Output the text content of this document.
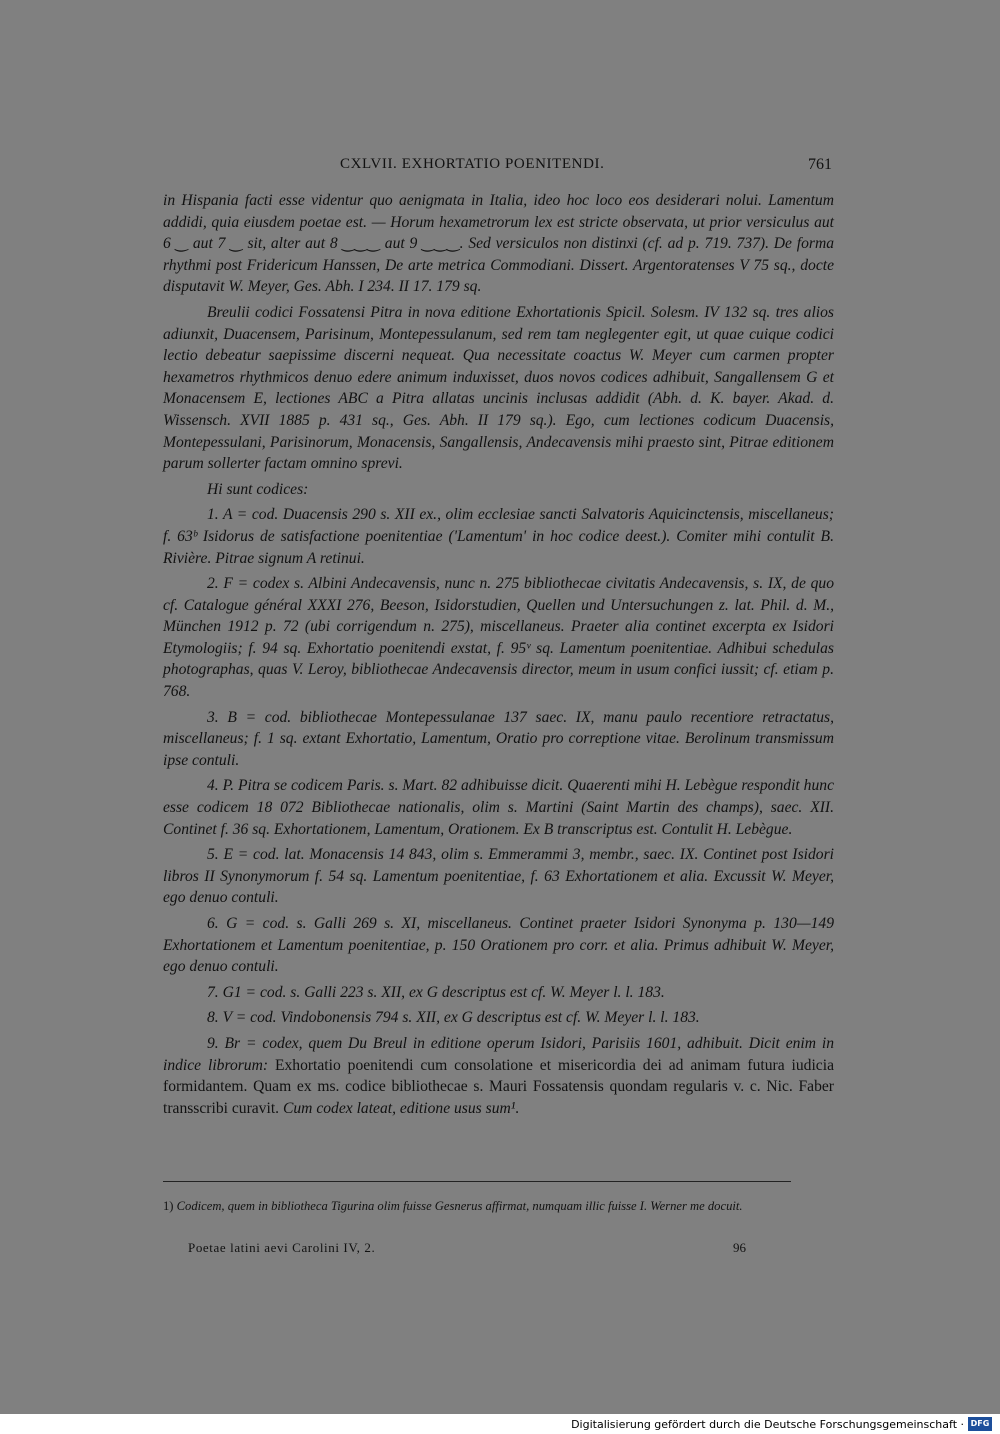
CXLVII. EXHORTATIO POENITENDI.	761

in Hispania facti esse videntur quo aenigmata in Italia, ideo hoc loco eos desiderari nolui. Lamentum addidi, quia eiusdem poetae est. — Horum hexametrorum lex est stricte observata, ut prior versiculus aut 6 ‿ aut 7 ‿ sit, alter aut 8 ‿‿‿ aut 9 ‿‿‿. Sed versiculos non distinxi (cf. ad p. 719. 737). De forma rhythmi post Fridericum Hanssen, De arte metrica Commodiani. Dissert. Argentoratenses V 75 sq., docte disputavit W. Meyer, Ges. Abh. I 234. II 17. 179 sq.

Breulii codici Fossatensi Pitra in nova editione Exhortationis Spicil. Solesm. IV 132 sq. tres alios adiunxit, Duacensem, Parisinum, Montepessulanum, sed rem tam neglegenter egit, ut quae cuique codici lectio debeatur saepissime discerni nequeat. Qua necessitate coactus W. Meyer cum carmen propter hexametros rhythmicos denuo edere animum induxisset, duos novos codices adhibuit, Sangallensem G et Monacensem E, lectiones ABC a Pitra allatas uncinis inclusas addidit (Abh. d. K. bayer. Akad. d. Wissensch. XVII 1885 p. 431 sq., Ges. Abh. II 179 sq.). Ego, cum lectiones codicum Duacensis, Montepessulani, Parisinorum, Monacensis, Sangallensis, Andecavensis mihi praesto sint, Pitrae editionem parum sollerter factam omnino sprevi.

Hi sunt codices:

1. A = cod. Duacensis 290 s. XII ex., olim ecclesiae sancti Salvatoris Aquicinctensis, miscellaneus; f. 63ᵇ Isidorus de satisfactione poenitentiae ('Lamentum' in hoc codice deest.). Comiter mihi contulit B. Rivière. Pitrae signum A retinui.

2. F = codex s. Albini Andecavensis, nunc n. 275 bibliothecae civitatis Andecavensis, s. IX, de quo cf. Catalogue général XXXI 276, Beeson, Isidorstudien, Quellen und Untersuchungen z. lat. Phil. d. M., München 1912 p. 72 (ubi corrigendum n. 275), miscellaneus. Praeter alia continet excerpta ex Isidori Etymologiis; f. 94 sq. Exhortatio poenitendi exstat, f. 95ᵛ sq. Lamentum poenitentiae. Adhibui schedulas photographas, quas V. Leroy, bibliothecae Andecavensis director, meum in usum confici iussit; cf. etiam p. 768.

3. B = cod. bibliothecae Montepessulanae 137 saec. IX, manu paulo recentiore retractatus, miscellaneus; f. 1 sq. extant Exhortatio, Lamentum, Oratio pro correptione vitae. Berolinum transmissum ipse contuli.

4. P. Pitra se codicem Paris. s. Mart. 82 adhibuisse dicit. Quaerenti mihi H. Lebègue respondit hunc esse codicem 18 072 Bibliothecae nationalis, olim s. Martini (Saint Martin des champs), saec. XII. Continet f. 36 sq. Exhortationem, Lamentum, Orationem. Ex B transcriptus est. Contulit H. Lebègue.

5. E = cod. lat. Monacensis 14 843, olim s. Emmerammi 3, membr., saec. IX. Continet post Isidori libros II Synonymorum f. 54 sq. Lamentum poenitentiae, f. 63 Exhortationem et alia. Excussit W. Meyer, ego denuo contuli.

6. G = cod. s. Galli 269 s. XI, miscellaneus. Continet praeter Isidori Synonyma p. 130—149 Exhortationem et Lamentum poenitentiae, p. 150 Orationem pro corr. et alia. Primus adhibuit W. Meyer, ego denuo contuli.

7. G1 = cod. s. Galli 223 s. XII, ex G descriptus est cf. W. Meyer l. l. 183.

8. V = cod. Vindobonensis 794 s. XII, ex G descriptus est cf. W. Meyer l. l. 183.

9. Br = codex, quem Du Breul in editione operum Isidori, Parisiis 1601, adhibuit. Dicit enim in indice librorum: Exhortatio poenitendi cum consolatione et misericordia dei ad animam futura iudicia formidantem. Quam ex ms. codice bibliothecae s. Mauri Fossatensis quondam regularis v. c. Nic. Faber transscribi curavit. Cum codex lateat, editione usus sum¹.

1) Codicem, quem in bibliotheca Tigurina olim fuisse Gesnerus affirmat, numquam illic fuisse I. Werner me docuit.
Poetae latini aevi Carolini IV, 2.	96
Digitalisierung gefördert durch die Deutsche Forschungsgemeinschaft · DFG
